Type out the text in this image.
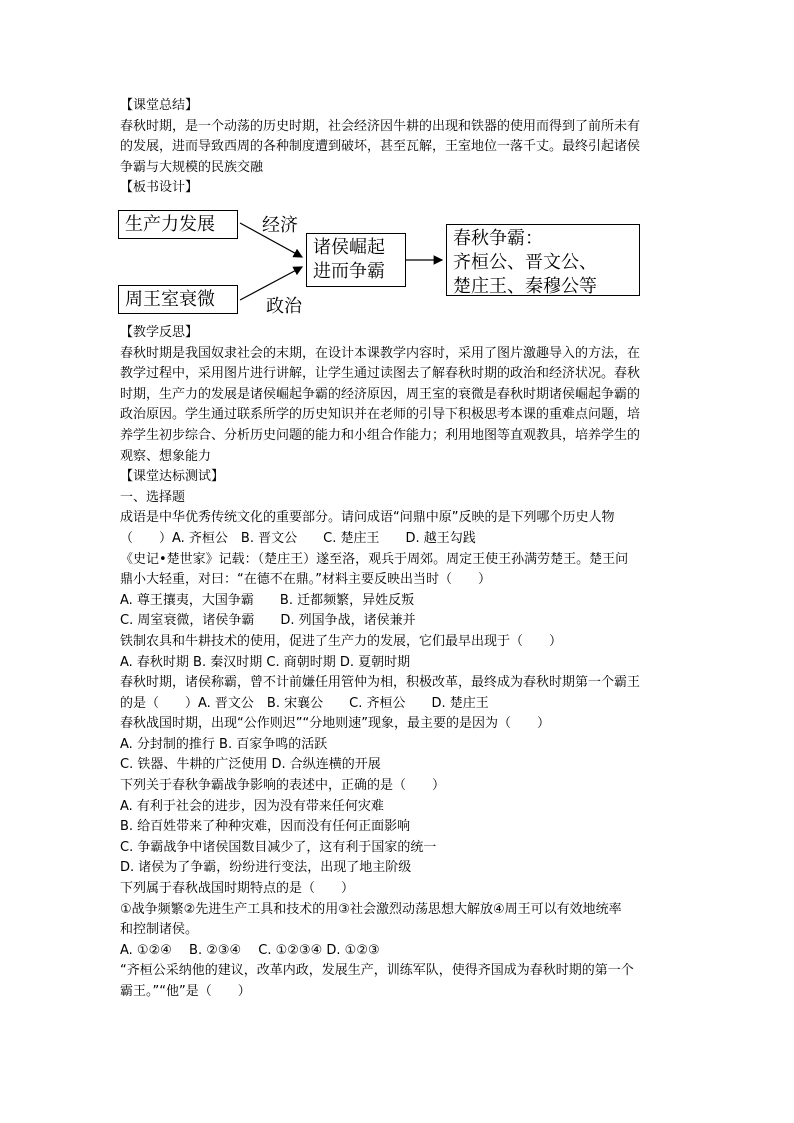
【课堂总结】
春秋时期，是一个动荡的历史时期，社会经济因牛耕的出现和铁器的使用而得到了前所未有
的发展，进而导致西周的各种制度遭到破坏，甚至瓦解，王室地位一落千丈。最终引起诸侯
争霸与大规模的民族交融
【板书设计】
生产力发展	经济
周王室衰微	政治
诸侯崛起
进而争霸
春秋争霸：
齐桓公、晋文公、
楚庄王、秦穆公等
【教学反思】
春秋时期是我国奴隶社会的末期，在设计本课教学内容时，采用了图片激趣导入的方法，在
教学过程中，采用图片进行讲解，让学生通过读图去了解春秋时期的政治和经济状况。春秋
时期，生产力的发展是诸侯崛起争霸的经济原因，周王室的衰微是春秋时期诸侯崛起争霸的
政治原因。学生通过联系所学的历史知识并在老师的引导下积极思考本课的重难点问题，培
养学生初步综合、分析历史问题的能力和小组合作能力；利用地图等直观教具，培养学生的
观察、想象能力
【课堂达标测试】
一、选择题
成语是中华优秀传统文化的重要部分。请问成语“问鼎中原”反映的是下列哪个历史人物
（　　）A. 齐桓公　B. 晋文公　　C. 楚庄王　　D. 越王勾践
《史记•楚世家》记载：（楚庄王）遂至洛，观兵于周郊。周定王使王孙满劳楚王。楚王问
鼎小大轻重，对曰：“在德不在鼎。”材料主要反映出当时（　　）
A. 尊王攘夷，大国争霸　　B. 迁都频繁，异姓反叛
C. 周室衰微，诸侯争霸　　D. 列国争战，诸侯兼并
铁制农具和牛耕技术的使用，促进了生产力的发展，它们最早出现于（　　）
A. 春秋时期 B. 秦汉时期 C. 商朝时期 D. 夏朝时期
春秋时期，诸侯称霸，曾不计前嫌任用管仲为相，积极改革，最终成为春秋时期第一个霸王
的是（　　）A. 晋文公　B. 宋襄公　　C. 齐桓公　　D. 楚庄王
春秋战国时期，出现“公作则迟”“分地则速”现象，最主要的是因为（　　）
A. 分封制的推行 B. 百家争鸣的活跃
C. 铁器、牛耕的广泛使用 D. 合纵连横的开展
下列关于春秋争霸战争影响的表述中，正确的是（　　）
A. 有利于社会的进步，因为没有带来任何灾难
B. 给百姓带来了种种灾难，因而没有任何正面影响
C. 争霸战争中诸侯国数目减少了，这有利于国家的统一
D. 诸侯为了争霸，纷纷进行变法，出现了地主阶级
下列属于春秋战国时期特点的是（　　）
①战争频繁②先进生产工具和技术的用③社会激烈动荡思想大解放④周王可以有效地统率
和控制诸侯。
A. ①②④　 B. ②③④　 C. ①②③④ D. ①②③
“齐桓公采纳他的建议，改革内政，发展生产，训练军队，使得齐国成为春秋时期的第一个
霸王。”“他”是（　　）
